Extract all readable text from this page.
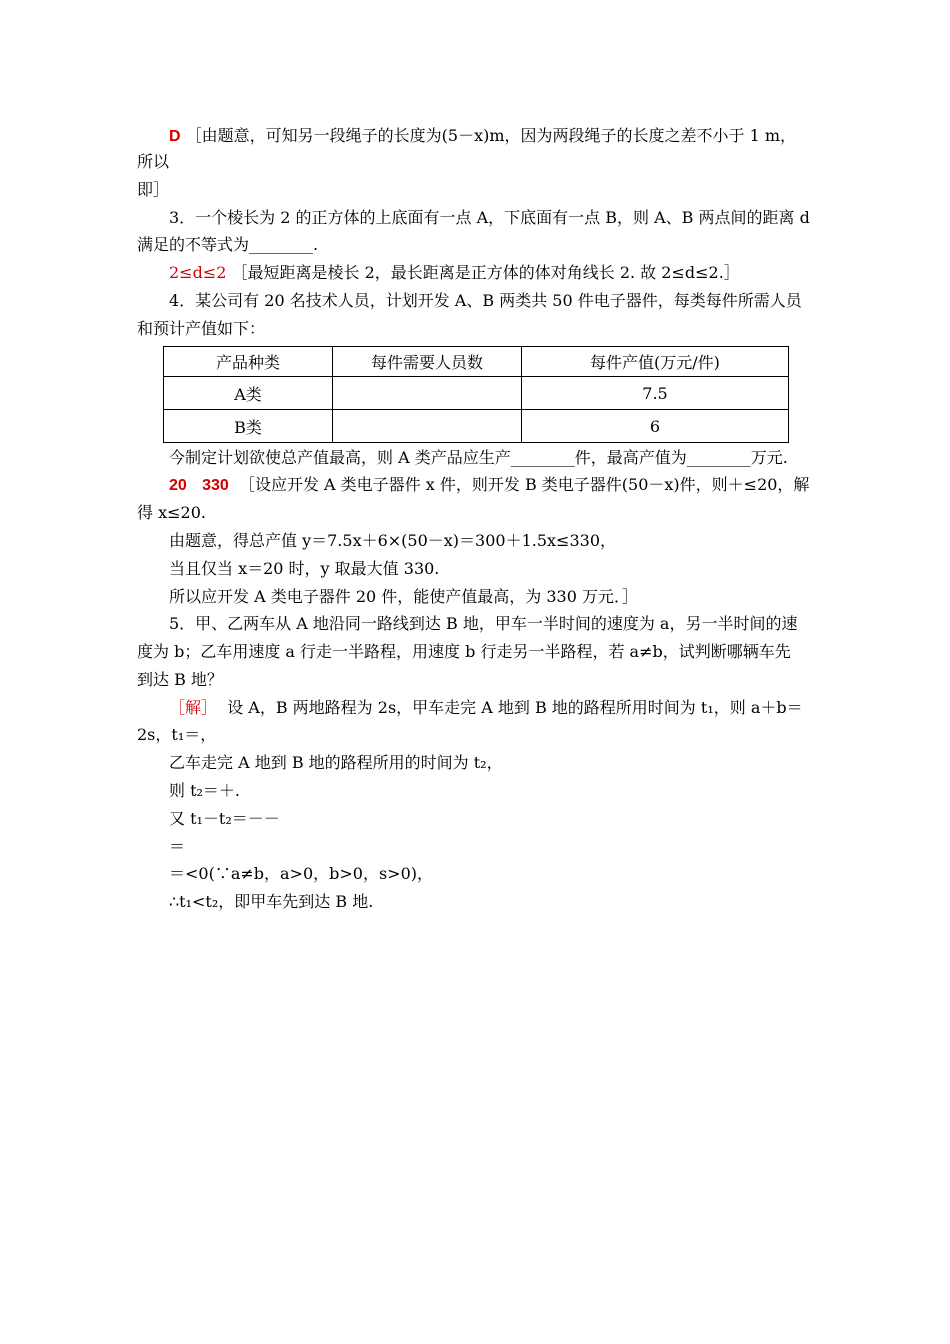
D ［由题意，可知另一段绳子的长度为(5－x)m，因为两段绳子的长度之差不小于 1 m，
所以
即］
3．一个棱长为 2 的正方体的上底面有一点 A，下底面有一点 B，则 A、B 两点间的距离 d
满足的不等式为________.
2≤d≤2 ［最短距离是棱长 2，最长距离是正方体的体对角线长 2. 故 2≤d≤2.］
4．某公司有 20 名技术人员，计划开发 A、B 两类共 50 件电子器件，每类每件所需人员
和预计产值如下：
产品种类	每件需要人员数	每件产值(万元/件)
A类		7.5
B类		6
今制定计划欲使总产值最高，则 A 类产品应生产________件，最高产值为________万元.
20 330 ［设应开发 A 类电子器件 x 件，则开发 B 类电子器件(50－x)件，则＋≤20，解
得 x≤20.
由题意，得总产值 y＝7.5x＋6×(50－x)＝300＋1.5x≤330，
当且仅当 x＝20 时，y 取最大值 330.
所以应开发 A 类电子器件 20 件，能使产值最高，为 330 万元．］
5．甲、乙两车从 A 地沿同一路线到达 B 地，甲车一半时间的速度为 a，另一半时间的速
度为 b；乙车用速度 a 行走一半路程，用速度 b 行走另一半路程，若 a≠b，试判断哪辆车先
到达 B 地？
［解］ 设 A，B 两地路程为 2s，甲车走完 A 地到 B 地的路程所用时间为 t₁，则 a＋b＝
2s，t₁＝，
乙车走完 A 地到 B 地的路程所用的时间为 t₂，
则 t₂＝＋.
又 t₁－t₂＝－－
＝
＝<0(∵a≠b，a>0，b>0，s>0)，
∴t₁<t₂，即甲车先到达 B 地.
